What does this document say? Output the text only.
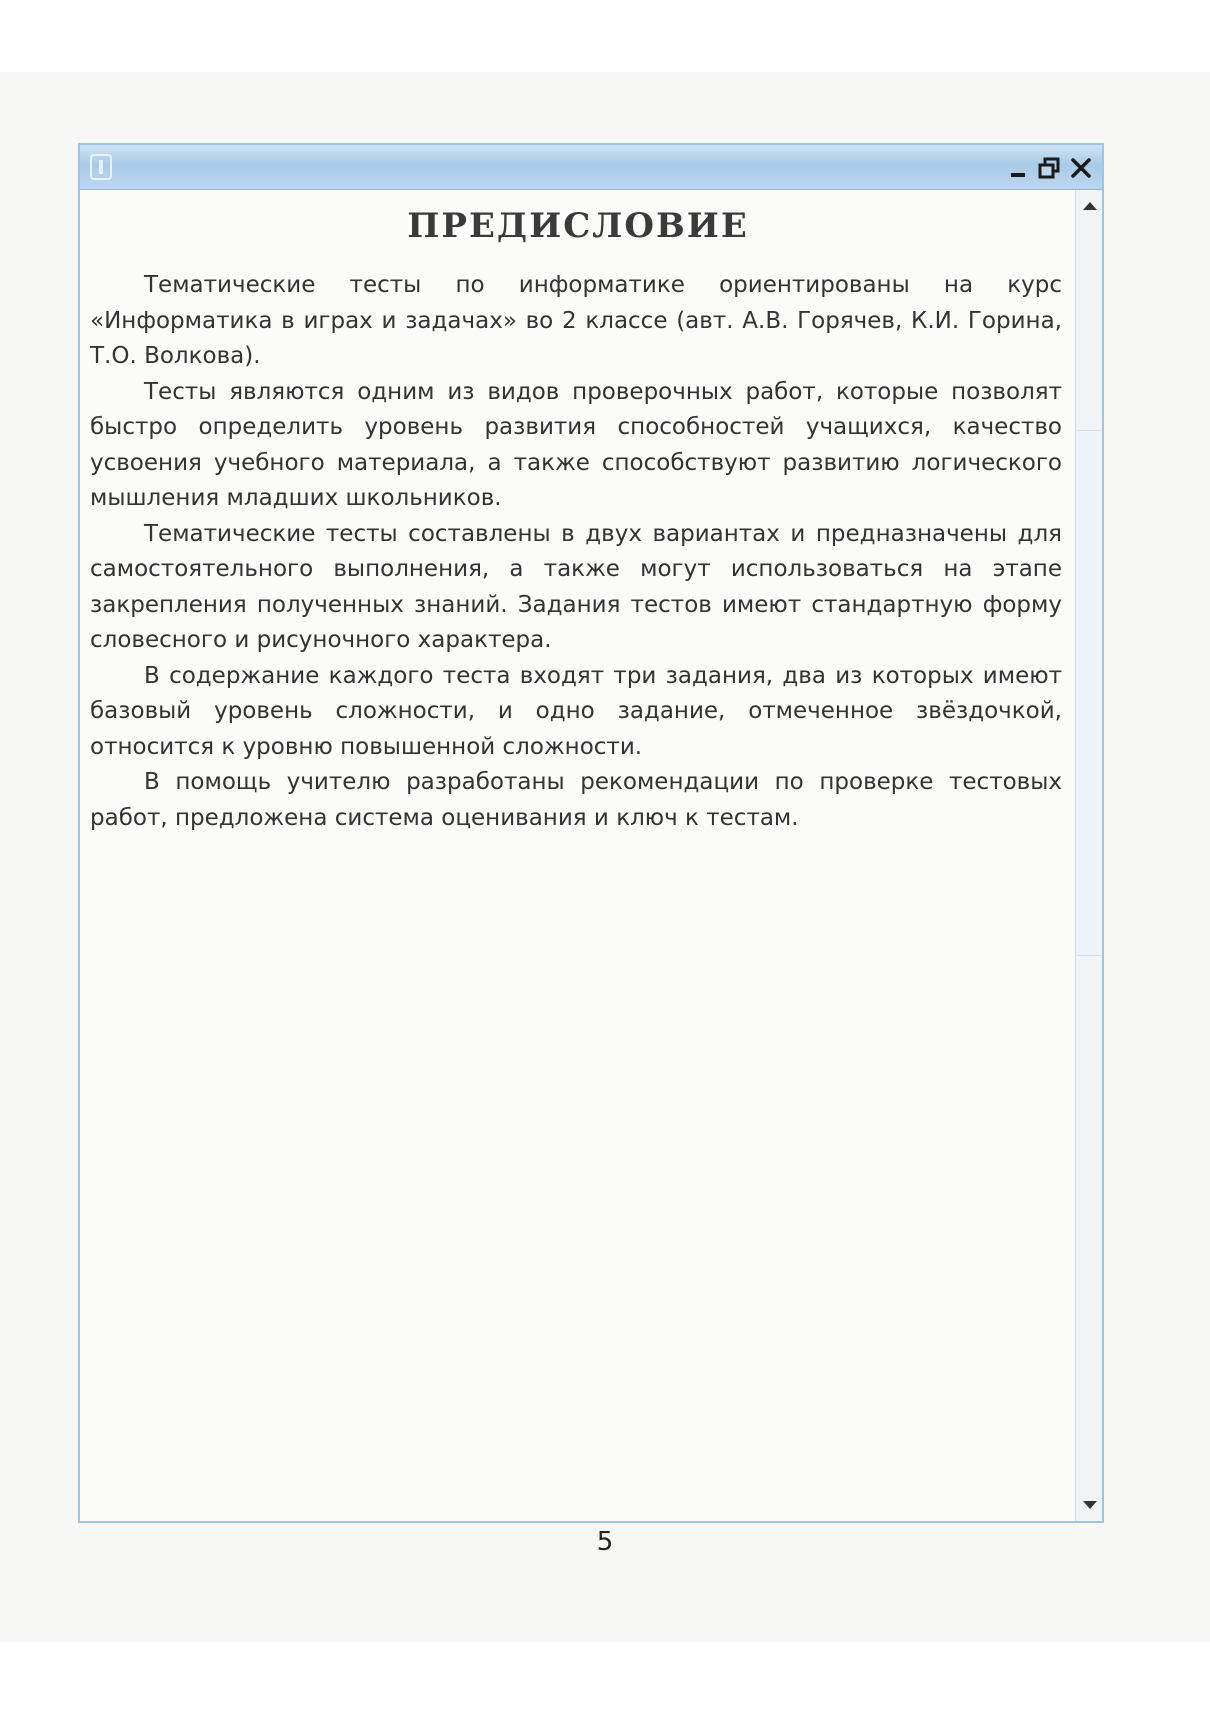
ПРЕДИСЛОВИЕ

Тематические тесты по информатике ориентированы на курс «Информатика в играх и задачах» во 2 классе (авт. А.В. Горячев, К.И. Горина, Т.О. Волкова).

Тесты являются одним из видов проверочных работ, которые позволят быстро определить уровень развития способностей учащихся, качество усвоения учебного материала, а также способствуют развитию логического мышления младших школьников.

Тематические тесты составлены в двух вариантах и предназначены для самостоятельного выполнения, а также могут использоваться на этапе закрепления полученных знаний. Задания тестов имеют стандартную форму словесного и рисуночного характера.

В содержание каждого теста входят три задания, два из которых имеют базовый уровень сложности, и одно задание, отмеченное звёздочкой, относится к уровню повышенной сложности.

В помощь учителю разработаны рекомендации по проверке тестовых работ, предложена система оценивания и ключ к тестам.

5
